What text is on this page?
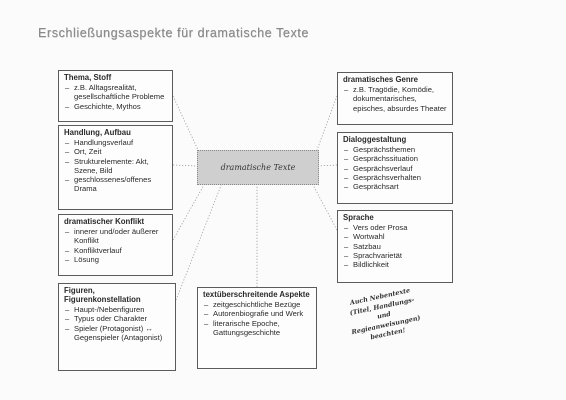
Erschließungsaspekte für dramatische Texte
dramatische Texte
Thema, Stoff
– z.B. Alltagsrealität, gesellschaftliche Probleme
– Geschichte, Mythos
Handlung, Aufbau
– Handlungsverlauf
– Ort, Zeit
– Strukturelemente: Akt, Szene, Bild
– geschlossenes/offenes Drama
dramatischer Konflikt
– innerer und/oder äußerer Konflikt
– Konfliktverlauf
– Lösung
Figuren, Figurenkonstellation
– Haupt-/Nebenfiguren
– Typus oder Charakter
– Spieler (Protagonist) ↔ Gegenspieler (Antagonist)
textüberschreitende Aspekte
– zeitgeschichtliche Bezüge
– Autorenbiografie und Werk
– literarische Epoche, Gattungsgeschichte
dramatisches Genre
– z.B. Tragödie, Komödie, dokumentarisches, episches, absurdes Theater
Dialoggestaltung
– Gesprächsthemen
– Gesprächssituation
– Gesprächsverlauf
– Gesprächsverhalten
– Gesprächsart
Sprache
– Vers oder Prosa
– Wortwahl
– Satzbau
– Sprachvarietät
– Bildlichkeit
Auch Nebentexte (Titel, Handlungs- und Regieanweisungen) beachten!
